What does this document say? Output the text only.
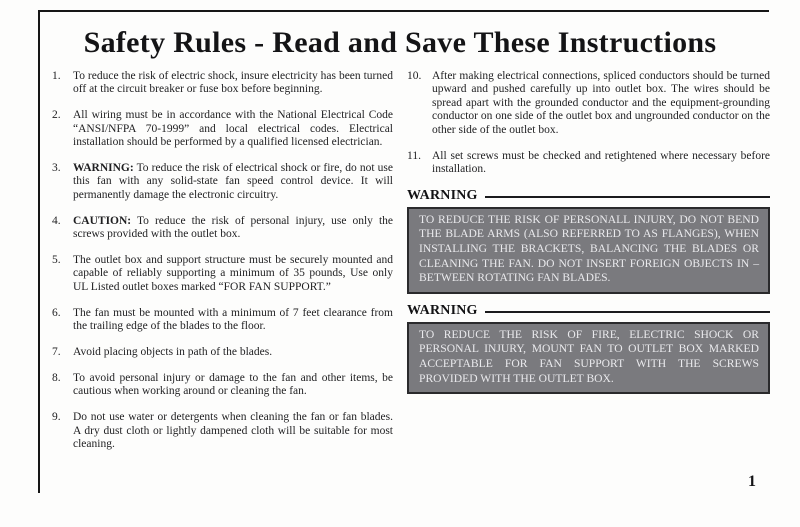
Safety Rules - Read and Save These Instructions
1.	To reduce the risk of electric shock, insure electricity has been turned off at the circuit breaker or fuse box before beginning.

2.	All wiring must be in accordance with the National Electrical Code “ANSI/NFPA 70-1999” and local electrical codes. Electrical installation should be performed by a qualified licensed electrician.

3.	WARNING: To reduce the risk of electrical shock or fire, do not use this fan with any solid-state fan speed control device. It will permanently damage the electronic circuitry.

4.	CAUTION: To reduce the risk of personal injury, use only the screws provided with the outlet box.

5.	The outlet box and support structure must be securely mounted and capable of reliably supporting a minimum of 35 pounds, Use only UL Listed outlet boxes marked “FOR FAN SUPPORT.”

6.	The fan must be mounted with a minimum of 7 feet clearance from the trailing edge of the blades to the floor.

7.	Avoid placing objects in path of the blades.

8.	To avoid personal injury or damage to the fan and other items, be cautious when working around or cleaning the fan.

9.	Do not use water or detergents when cleaning the fan or fan blades. A dry dust cloth or lightly dampened cloth will be suitable for most cleaning.

10. After making electrical connections, spliced conductors should be turned upward and pushed carefully up into outlet box. The wires should be spread apart with the grounded conductor and the equipment-grounding conductor on one side of the outlet box and ungrounded conductor on the other side of the outlet box.

11. All set screws must be checked and retightened where necessary before installation.

WARNING
TO REDUCE THE RISK OF PERSONALL INJURY, DO NOT BEND THE BLADE ARMS (ALSO REFERRED TO AS FLANGES), WHEN INSTALLING THE BRACKETS, BALANCING THE BLADES OR CLEANING THE FAN. DO NOT INSERT FOREIGN OBJECTS IN – BETWEEN ROTATING FAN BLADES.
WARNING
TO REDUCE THE RISK OF FIRE, ELECTRIC SHOCK OR PERSONAL INJURY, MOUNT FAN TO OUTLET BOX MARKED ACCEPTABLE FOR FAN SUPPORT WITH THE SCREWS PROVIDED WITH THE OUTLET BOX.
1
